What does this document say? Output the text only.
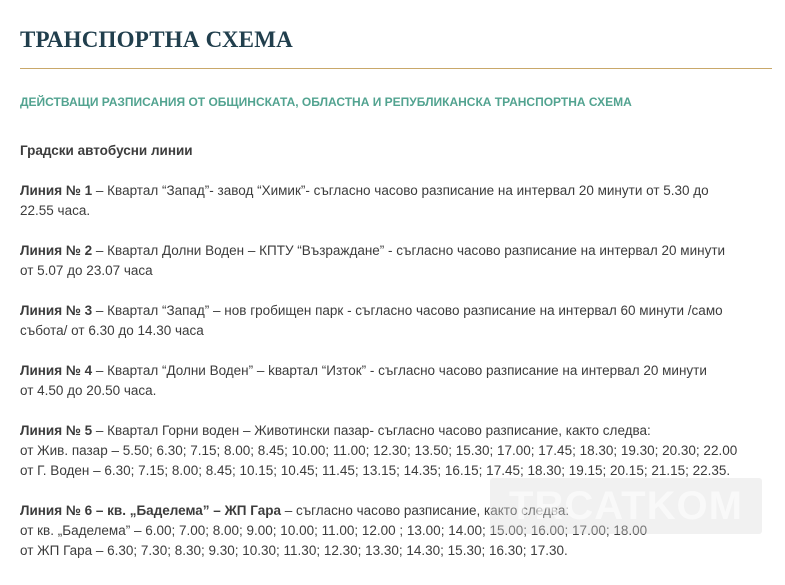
ТРАНСПОРТНА СХЕМА

ДЕЙСТВАЩИ РАЗПИСАНИЯ ОТ ОБЩИНСКАТА, ОБЛАСТНА И РЕПУБЛИКАНСКА ТРАНСПОРТНА СХЕМА

Градски автобусни линии

Линия № 1 – Квартал “Запад”- завод “Химик”- съгласно часово разписание на интервал 20 минути от 5.30 до

22.55 часа.

Линия № 2 – Квартал Долни Воден – КПТУ “Възраждане” - съгласно часово разписание на интервал 20 минути

от 5.07 до 23.07 часа

Линия № 3 – Квартал “Запад” – нов гробищен парк - съгласно часово разписание на интервал 60 минути /само

събота/ от 6.30 до 14.30 часа

Линия № 4 – Квартал “Долни Воден” – kвартал “Изток” - съгласно часово разписание на интервал 20 минути

от 4.50 до 20.50 часа.

Линия № 5 – Квартал Горни воден – Животински пазар- съгласно часово разписание, както следва:

от Жив. пазар – 5.50; 6.30; 7.15; 8.00; 8.45; 10.00; 11.00; 12.30; 13.50; 15.30; 17.00; 17.45; 18.30; 19.30; 20.30; 22.00

от Г. Воден – 6.30; 7.15; 8.00; 8.45; 10.15; 10.45; 11.45; 13.15; 14.35; 16.15; 17.45; 18.30; 19.15; 20.15; 21.15; 22.35.

Линия № 6 – кв. „Баделема” – ЖП Гара – съгласно часово разписание, както следва:

от кв. „Баделема” – 6.00; 7.00; 8.00; 9.00; 10.00; 11.00; 12.00 ; 13.00; 14.00; 15.00; 16.00; 17.00; 18.00

от ЖП Гара – 6.30; 7.30; 8.30; 9.30; 10.30; 11.30; 12.30; 13.30; 14.30; 15.30; 16.30; 17.30.

TRCATKOM
